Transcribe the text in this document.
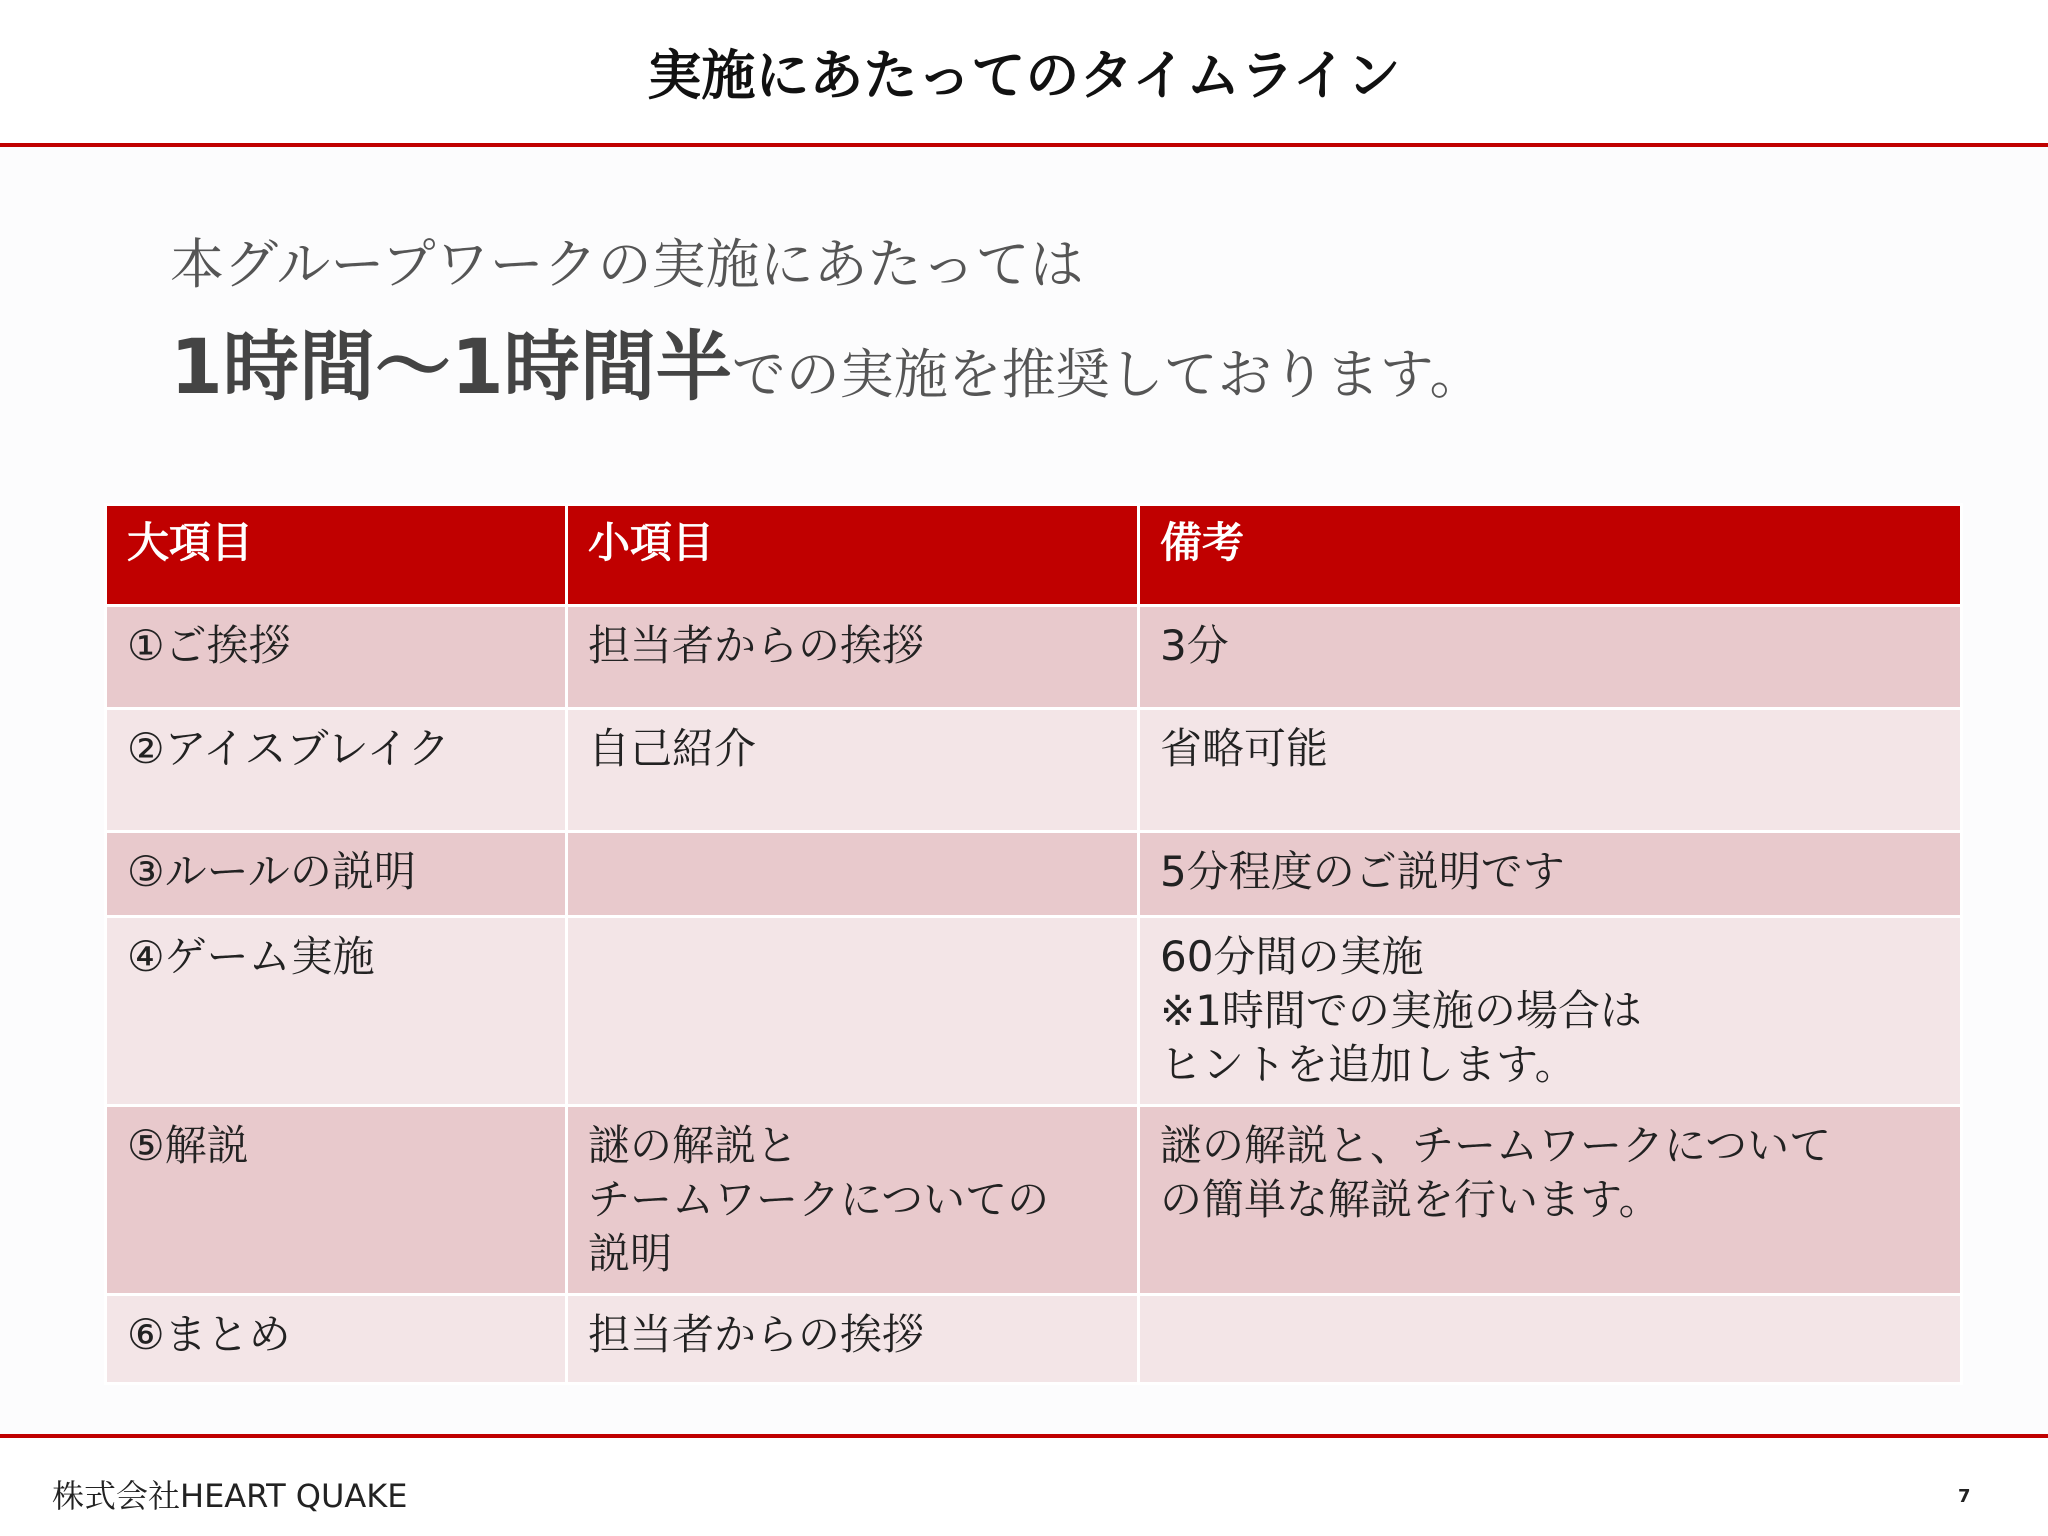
実施にあたってのタイムライン
本グループワークの実施にあたっては
1時間〜1時間半での実施を推奨しております。
大項目	小項目	備考
①ご挨拶	担当者からの挨拶	3分
②アイスブレイク	自己紹介	省略可能
③ルールの説明		5分程度のご説明です
④ゲーム実施		60分間の実施
※1時間での実施の場合は
ヒントを追加します。
⑤解説	謎の解説と
チームワークについての
説明	謎の解説と、チームワークについて
の簡単な解説を行います。
⑥まとめ	担当者からの挨拶	
株式会社HEART QUAKE	7
